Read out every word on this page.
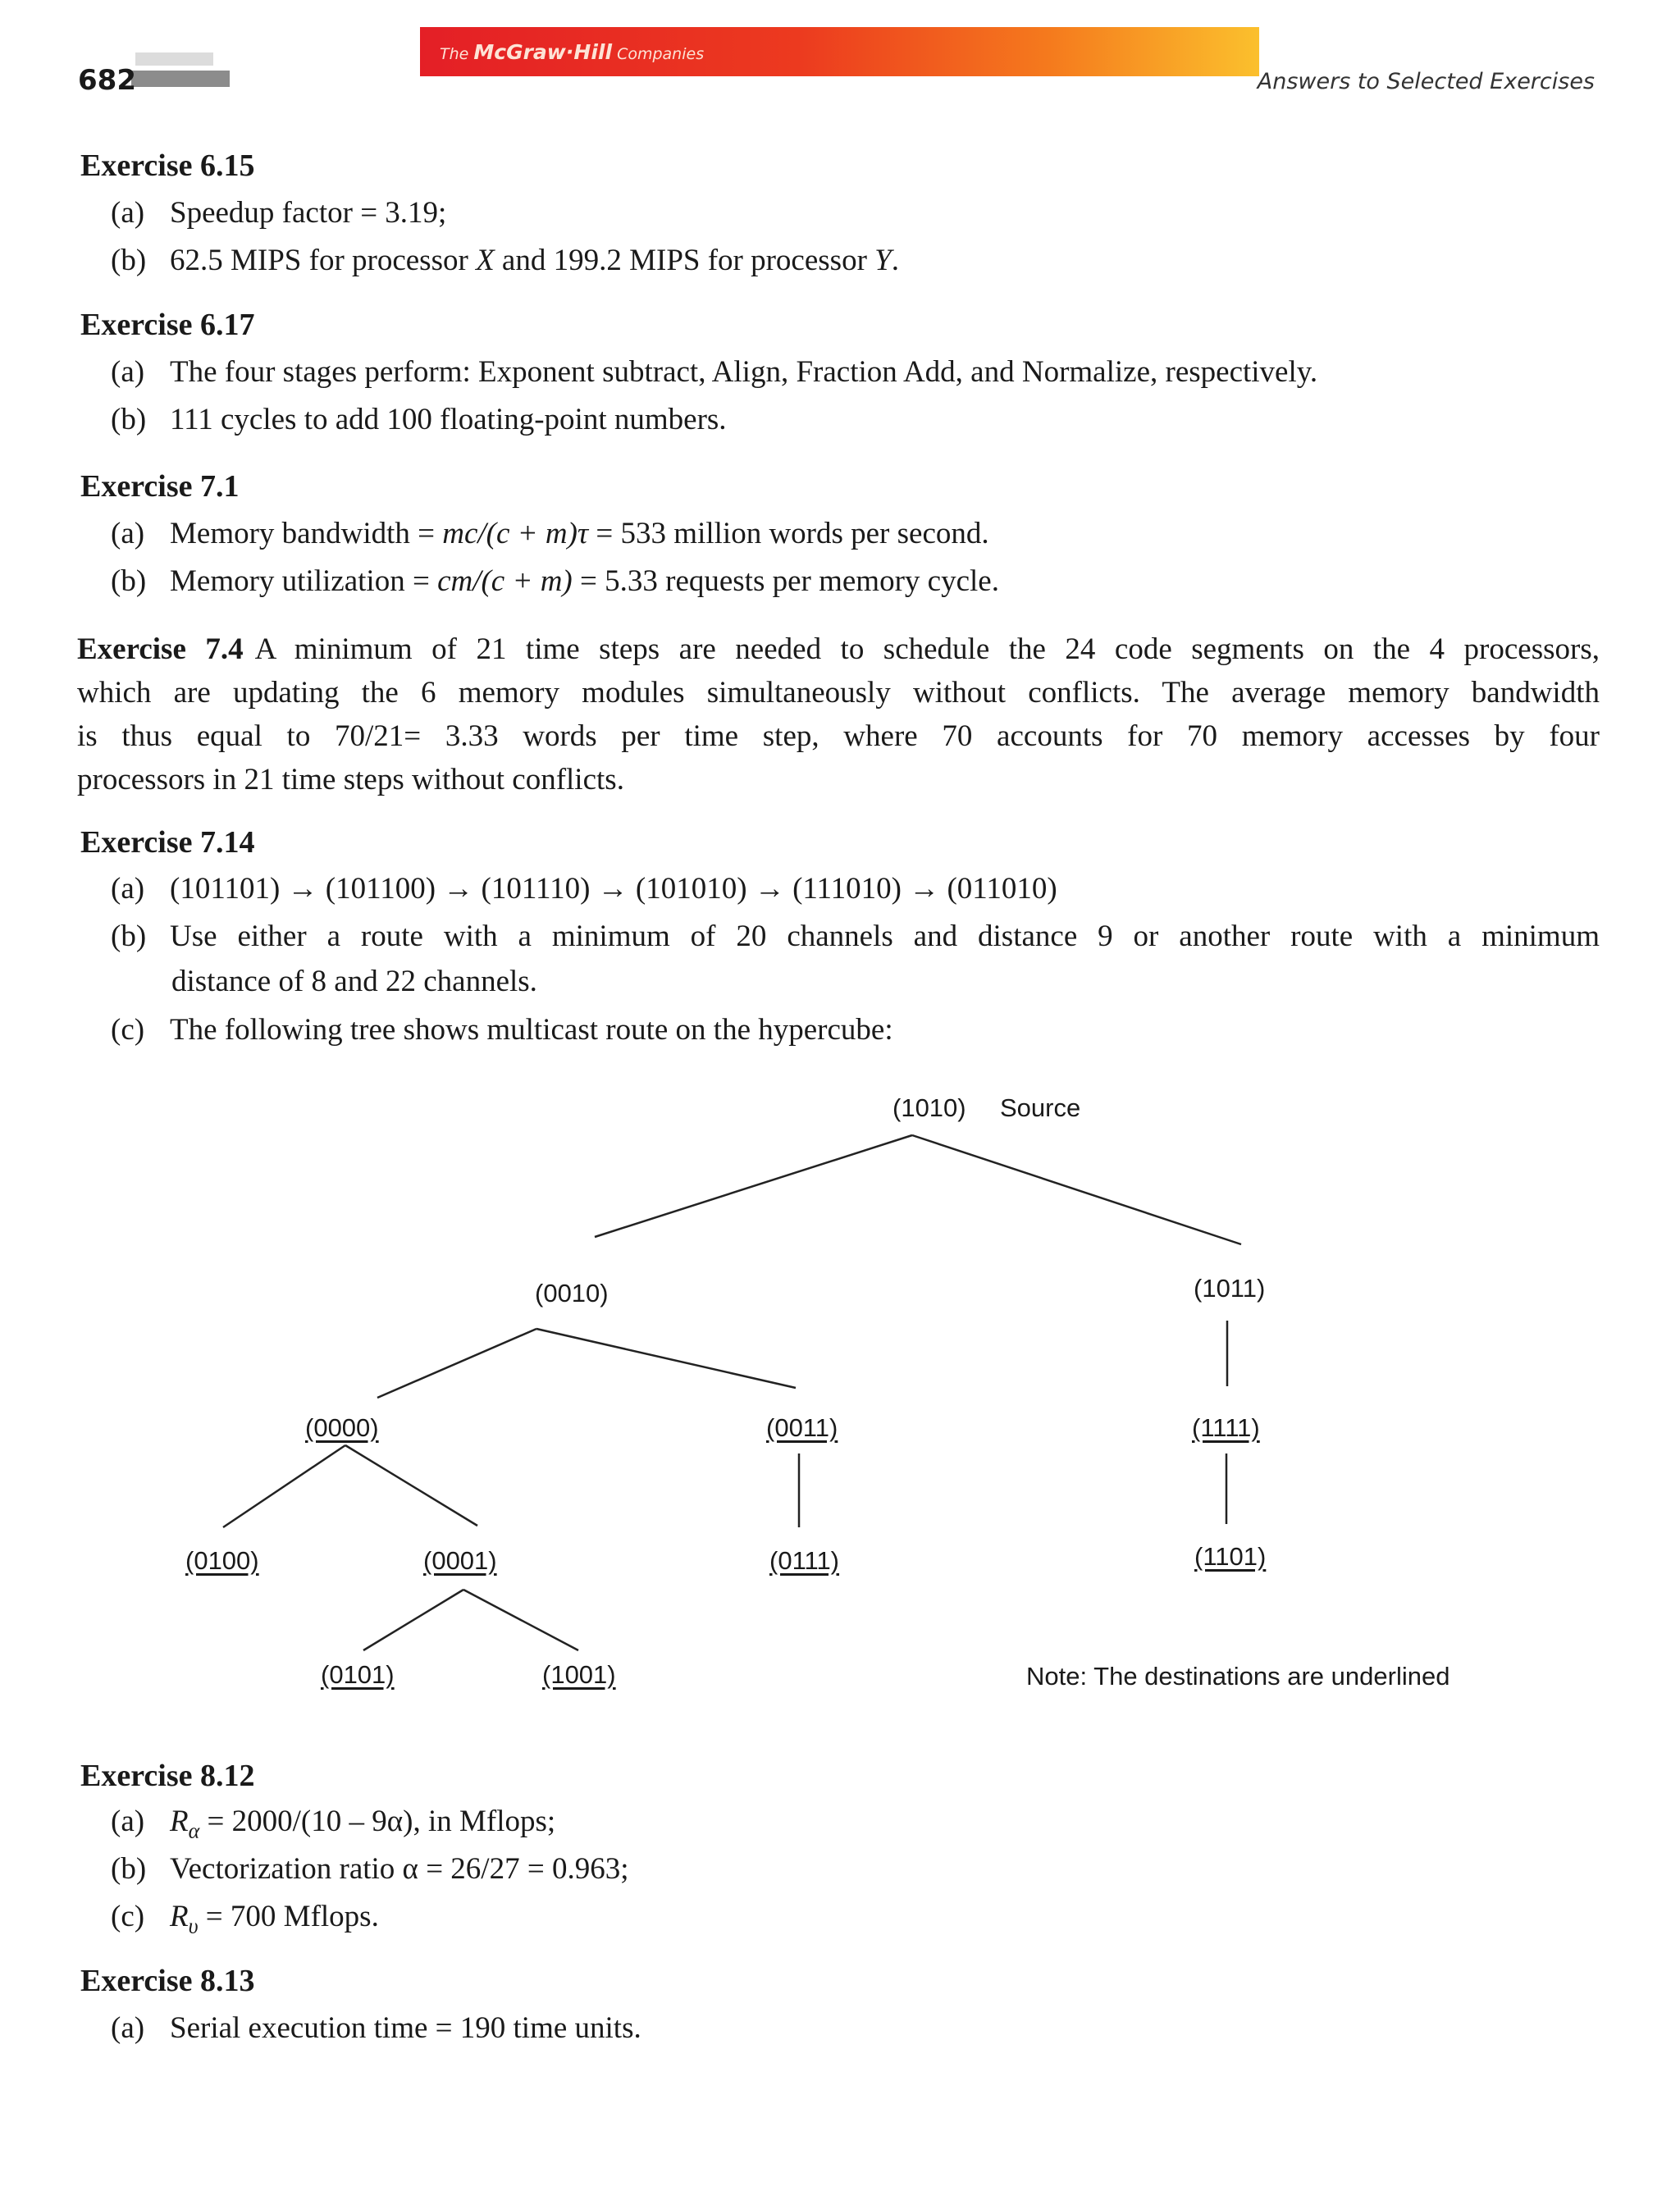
682
The McGraw·Hill Companies
Answers to Selected Exercises
Exercise 6.15
(a) Speedup factor = 3.19;
(b) 62.5 MIPS for processor X and 199.2 MIPS for processor Y.
Exercise 6.17
(a) The four stages perform: Exponent subtract, Align, Fraction Add, and Normalize, respectively.
(b) 111 cycles to add 100 floating-point numbers.
Exercise 7.1
(a) Memory bandwidth = mc/(c + m)τ = 533 million words per second.
(b) Memory utilization = cm/(c + m) = 5.33 requests per memory cycle.
Exercise 7.4 A minimum of 21 time steps are needed to schedule the 24 code segments on the 4 processors,
which are updating the 6 memory modules simultaneously without conflicts. The average memory bandwidth
is thus equal to 70/21= 3.33 words per time step, where 70 accounts for 70 memory accesses by four
processors in 21 time steps without conflicts.
Exercise 7.14
(a) (101101) → (101100) → (101110) → (101010) → (111010) → (011010)
(b) Use either a route with a minimum of 20 channels and distance 9 or another route with a minimum
distance of 8 and 22 channels.
(c) The following tree shows multicast route on the hypercube:
(1010) Source
(0010)	(1011)
(0000)	(0011)	(1111)
(0100)	(0001)	(0111)	(1101)
(0101)	(1001)	Note: The destinations are underlined
Exercise 8.12
(a) $R_\alpha = 2000/(10 - 9\alpha)$, in Mflops;
(b) Vectorization ratio α = 26/27 = 0.963;
(c) $R_\upsilon = 700$ Mflops.
Exercise 8.13
(a) Serial execution time = 190 time units.
